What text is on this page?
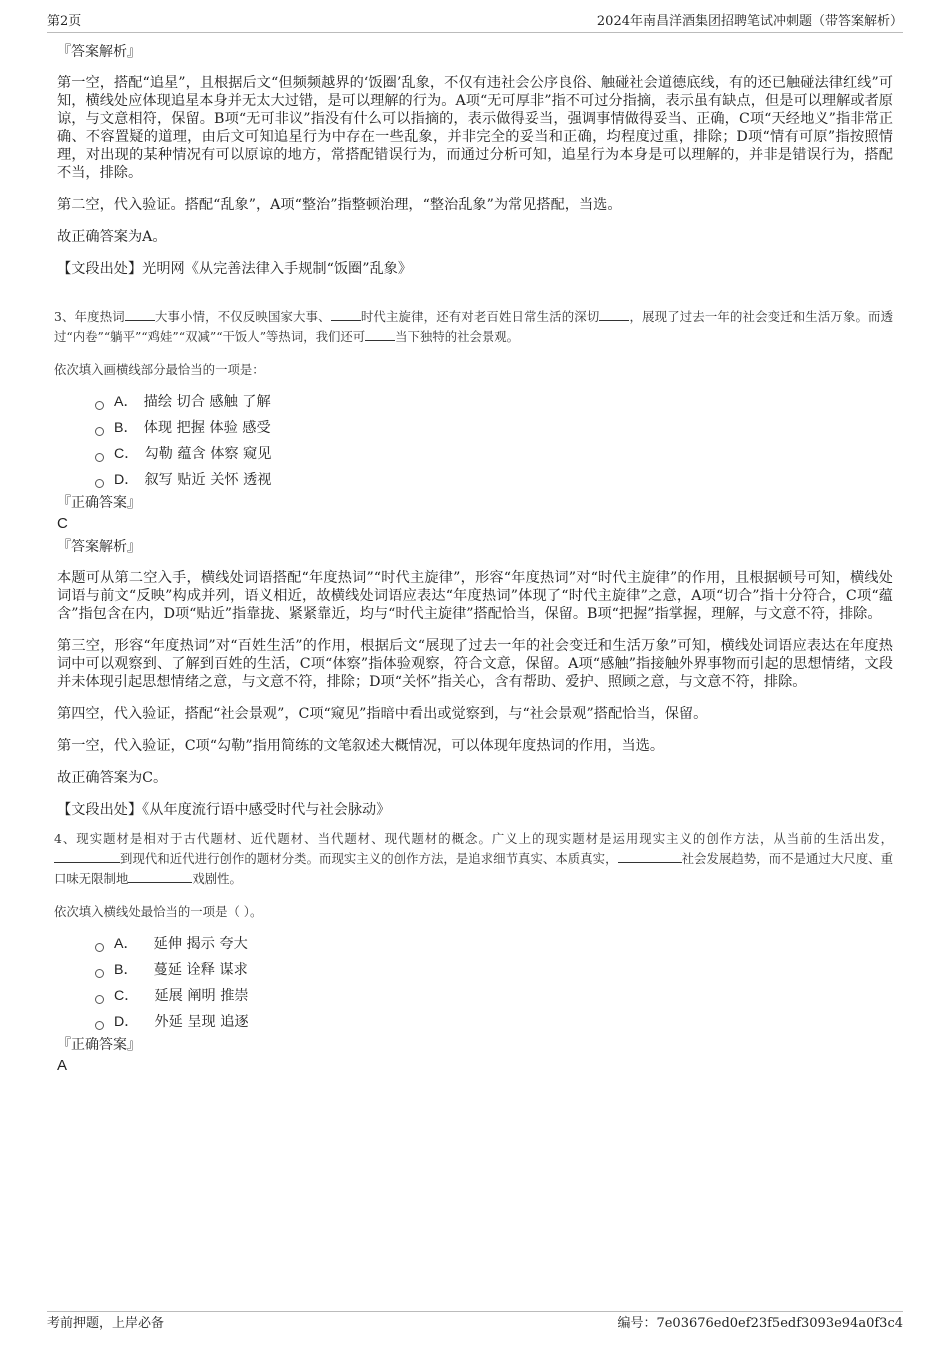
第2页	2024年南昌洋酒集团招聘笔试冲刺题（带答案解析）
『答案解析』

第一空，搭配“追星”，且根据后文“但频频越界的‘饭圈’乱象，不仅有违社会公序良俗、触碰社会道德底线，有的还已触碰法律红线”可知，横线处应体现追星本身并无太大过错，是可以理解的行为。A项“无可厚非”指不可过分指摘，表示虽有缺点，但是可以理解或者原谅，与文意相符，保留。B项“无可非议”指没有什么可以指摘的，表示做得妥当，强调事情做得妥当、正确，C项“天经地义”指非常正确、不容置疑的道理，由后文可知追星行为中存在一些乱象，并非完全的妥当和正确，均程度过重，排除；D项“情有可原”指按照情理，对出现的某种情况有可以原谅的地方，常搭配错误行为，而通过分析可知，追星行为本身是可以理解的，并非是错误行为，搭配不当，排除。

第二空，代入验证。搭配“乱象”，A项“整治”指整顿治理，“整治乱象”为常见搭配，当选。

故正确答案为A。

【文段出处】光明网《从完善法律入手规制“饭圈”乱象》

3、年度热词 大事小情，不仅反映国家大事、 时代主旋律，还有对老百姓日常生活的深切 ，展现了过去一年的社会变迁和生活万象。而透过“内卷”“躺平”“鸡娃”“双减”“干饭人”等热词，我们还可 当下独特的社会景观。
依次填入画横线部分最恰当的一项是：
A． 描绘 切合 感触 了解
B． 体现 把握 体验 感受
C． 勾勒 蕴含 体察 窥见
D． 叙写 贴近 关怀 透视
『正确答案』
C
『答案解析』

本题可从第二空入手，横线处词语搭配“年度热词”“时代主旋律”，形容“年度热词”对“时代主旋律”的作用，且根据顿号可知，横线处词语与前文“反映”构成并列，语义相近，故横线处词语应表达“年度热词”体现了“时代主旋律”之意，A项“切合”指十分符合，C项“蕴含”指包含在内，D项“贴近”指靠拢、紧紧靠近，均与“时代主旋律”搭配恰当，保留。B项“把握”指掌握，理解，与文意不符，排除。

第三空，形容“年度热词”对“百姓生活”的作用，根据后文“展现了过去一年的社会变迁和生活万象”可知，横线处词语应表达在年度热词中可以观察到、了解到百姓的生活，C项“体察”指体验观察，符合文意，保留。A项“感触”指接触外界事物而引起的思想情绪，文段并未体现引起思想情绪之意，与文意不符，排除；D项“关怀”指关心，含有帮助、爱护、照顾之意，与文意不符，排除。

第四空，代入验证，搭配“社会景观”，C项“窥见”指暗中看出或觉察到，与“社会景观”搭配恰当，保留。

第一空，代入验证，C项“勾勒”指用简练的文笔叙述大概情况，可以体现年度热词的作用，当选。

故正确答案为C。

【文段出处】《从年度流行语中感受时代与社会脉动》

4、现实题材是相对于古代题材、近代题材、当代题材、现代题材的概念。广义上的现实题材是运用现实主义的创作方法，从当前的生活出发，到现代和近代进行创作的题材分类。而现实主义的创作方法，是追求细节真实、本质真实，	社会发展趋势，而不是通过大尺度、重口味无限制地	戏剧性。
依次填入横线处最恰当的一项是（ ）。
A． 延伸 揭示 夸大
B． 蔓延 诠释 谋求
C． 延展 阐明 推崇
D． 外延 呈现 追逐
『正确答案』
A
考前押题，上岸必备	编号：7e03676ed0ef23f5edf3093e94a0f3c4
